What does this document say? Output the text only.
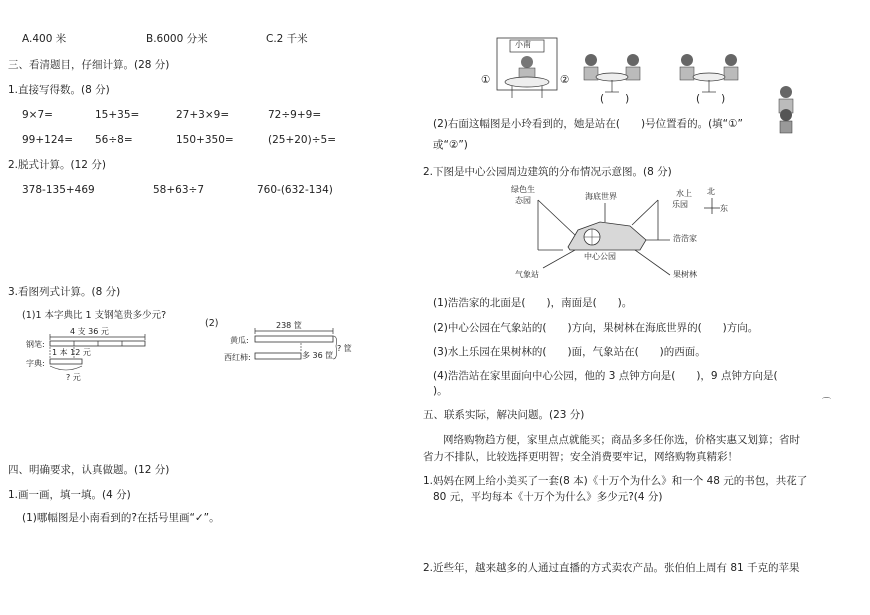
A.400 米	B.6000 分米	C.2 千米
三、看清题目，仔细计算。(28 分)
1.直接写得数。(8 分)
9×7=	15+35=	27+3×9=	72÷9+9=
99+124= 56÷8=	150+350=	(25+20)÷5=
2.脱式计算。(12 分)
378-135+469	58+63÷7	760-(632-134)
3.看图列式计算。(8 分)
(1)1 本字典比 1 支钢笔贵多少元?
(2)
4 支 36 元
钢笔:
字典:
1 本 12 元
? 元
238 筐
黄瓜:
西红柿:	多 36 筐
? 筐
四、明确要求，认真做题。(12 分)
1.画一画，填一填。(4 分)
(1)哪幅图是小南看到的?在括号里画“✓”。
小南
①	②
(　　)	(　　)
(2)右面这幅图是小玲看到的，她是站在(　　)号位置看的。(填“①”
或“②”)
2.下图是中心公园周边建筑的分布情况示意图。(8 分)
绿色生
态园	海底世界	水上
乐园
北
东
中心公园
浩浩家
气象站	果树林
(1)浩浩家的北面是(　　)，南面是(　　)。
(2)中心公园在气象站的(　　)方向，果树林在海底世界的(　　)方向。
(3)水上乐园在果树林的(　　)面，气象站在(　　)的西面。
(4)浩浩站在家里面向中心公园，他的 3 点钟方向是(　　)，9 点钟方向是(
)。
⌒
五、联系实际，解决问题。(23 分)
网络购物趋方便，家里点点就能买；商品多多任你选，价格实惠又划算；省时
省力不排队，比较选择更明智；安全消费要牢记，网络购物真精彩！
1.妈妈在网上给小美买了一套(8 本)《十万个为什么》和一个 48 元的书包，共花了
80 元，平均每本《十万个为什么》多少元?(4 分)
2.近些年，越来越多的人通过直播的方式卖农产品。张伯伯上周有 81 千克的苹果
